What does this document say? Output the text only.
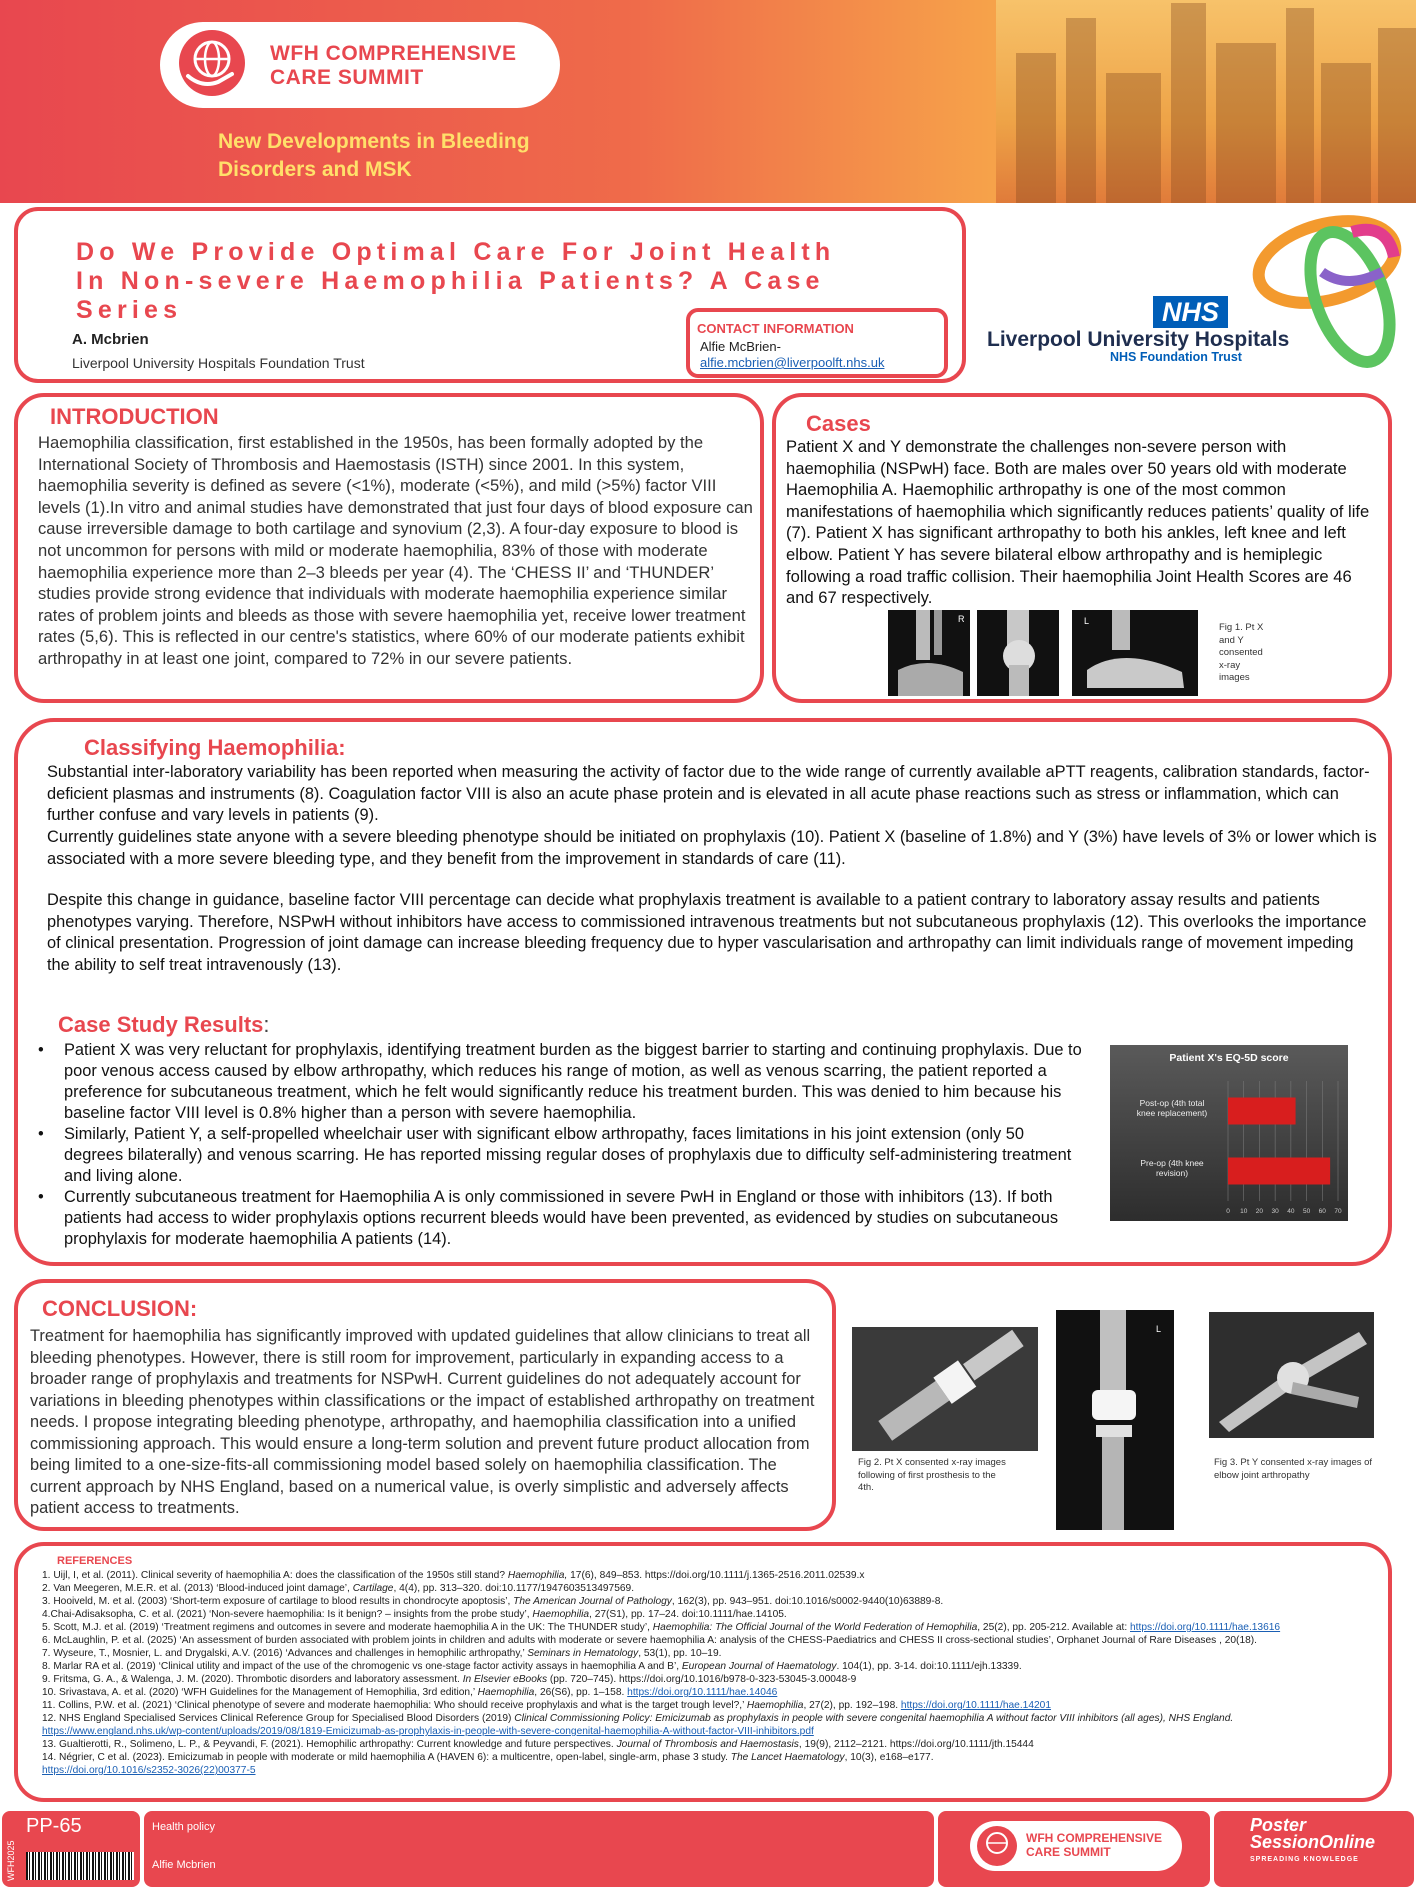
WFH COMPREHENSIVE
CARE SUMMIT
New Developments in Bleeding
Disorders and MSK
Do We Provide Optimal Care For Joint Health In Non-severe Haemophilia Patients? A Case Series
A. Mcbrien
Liverpool University Hospitals Foundation Trust
CONTACT INFORMATION
Alfie McBrien-
alfie.mcbrien@liverpoolft.nhs.uk
NHS
Liverpool University Hospitals
NHS Foundation Trust
INTRODUCTION
Haemophilia classification, first established in the 1950s, has been formally adopted by the International Society of Thrombosis and Haemostasis (ISTH) since 2001. In this system, haemophilia severity is defined as severe (<1%), moderate (<5%), and mild (>5%) factor VIII levels (1).In vitro and animal studies have demonstrated that just four days of blood exposure can cause irreversible damage to both cartilage and synovium (2,3). A four-day exposure to blood is not uncommon for persons with mild or moderate haemophilia, 83% of those with moderate haemophilia experience more than 2–3 bleeds per year (4). The ‘CHESS II’ and ‘THUNDER’ studies provide strong evidence that individuals with moderate haemophilia experience similar rates of problem joints and bleeds as those with severe haemophilia yet, receive lower treatment rates (5,6). This is reflected in our centre's statistics, where 60% of our moderate patients exhibit arthropathy in at least one joint, compared to 72% in our severe patients.
Cases
Patient X and Y demonstrate the challenges non-severe person with haemophilia (NSPwH) face. Both are males over 50 years old with moderate Haemophilia A. Haemophilic arthropathy is one of the most common manifestations of haemophilia which significantly reduces patients’ quality of life (7). Patient X has significant arthropathy to both his ankles, left knee and left elbow. Patient Y has severe bilateral elbow arthropathy and is hemiplegic following a road traffic collision. Their haemophilia Joint Health Scores are 46 and 67 respectively.
R	L
Fig 1. Pt X and Y consented x-ray images
Classifying Haemophilia:
Substantial inter-laboratory variability has been reported when measuring the activity of factor due to the wide range of currently available aPTT reagents, calibration standards, factor-deficient plasmas and instruments (8). Coagulation factor VIII is also an acute phase protein and is elevated in all acute phase reactions such as stress or inflammation, which can further confuse and vary levels in patients (9).
Currently guidelines state anyone with a severe bleeding phenotype should be initiated on prophylaxis (10). Patient X (baseline of 1.8%) and Y (3%) have levels of 3% or lower which is associated with a more severe bleeding type, and they benefit from the improvement in standards of care (11).
Despite this change in guidance, baseline factor VIII percentage can decide what prophylaxis treatment is available to a patient contrary to laboratory assay results and patients phenotypes varying. Therefore, NSPwH without inhibitors have access to commissioned intravenous treatments but not subcutaneous prophylaxis (12). This overlooks the importance of clinical presentation. Progression of joint damage can increase bleeding frequency due to hyper vascularisation and arthropathy can limit individuals range of movement impeding the ability to self treat intravenously (13).
Case Study Results:
• Patient X was very reluctant for prophylaxis, identifying treatment burden as the biggest barrier to starting and continuing prophylaxis. Due to poor venous access caused by elbow arthropathy, which reduces his range of motion, as well as venous scarring, the patient reported a preference for subcutaneous treatment, which he felt would significantly reduce his treatment burden. This was denied to him because his baseline factor VIII level is 0.8% higher than a person with severe haemophilia.
• Similarly, Patient Y, a self-propelled wheelchair user with significant elbow arthropathy, faces limitations in his joint extension (only 50 degrees bilaterally) and venous scarring. He has reported missing regular doses of prophylaxis due to difficulty self-administering treatment and living alone.
• Currently subcutaneous treatment for Haemophilia A is only commissioned in severe PwH in England or those with inhibitors (13). If both patients had access to wider prophylaxis options recurrent bleeds would have been prevented, as evidenced by studies on subcutaneous prophylaxis for moderate haemophilia A patients (14).
Patient X's EQ-5D score
0 10 20 30 40 50 60 70
Post-op (4th total knee replacement)
Pre-op (4th knee revision)
CONCLUSION:
Treatment for haemophilia has significantly improved with updated guidelines that allow clinicians to treat all bleeding phenotypes. However, there is still room for improvement, particularly in expanding access to a broader range of prophylaxis and treatments for NSPwH. Current guidelines do not adequately account for variations in bleeding phenotypes within classifications or the impact of established arthropathy on treatment needs. I propose integrating bleeding phenotype, arthropathy, and haemophilia classification into a unified commissioning approach. This would ensure a long-term solution and prevent future product allocation from being limited to a one-size-fits-all commissioning model based solely on haemophilia classification. The current approach by NHS England, based on a numerical value, is overly simplistic and adversely affects patient access to treatments.
Fig 2. Pt X consented x-ray images following of first prosthesis to the 4th.
L
Fig 3. Pt Y consented x-ray images of elbow joint arthropathy
REFERENCES
1. Uijl, I, et al. (2011). Clinical severity of haemophilia A: does the classification of the 1950s still stand? Haemophilia, 17(6), 849–853. https://doi.org/10.1111/j.1365-2516.2011.02539.x
2. Van Meegeren, M.E.R. et al. (2013) ‘Blood-induced joint damage’, Cartilage, 4(4), pp. 313–320. doi:10.1177/1947603513497569.
3. Hooiveld, M. et al. (2003) ‘Short-term exposure of cartilage to blood results in chondrocyte apoptosis’, The American Journal of Pathology, 162(3), pp. 943–951. doi:10.1016/s0002-9440(10)63889-8.
4.Chai-Adisaksopha, C. et al. (2021) ‘Non-severe haemophilia: Is it benign? – insights from the probe study’, Haemophilia, 27(S1), pp. 17–24. doi:10.1111/hae.14105.
5. Scott, M.J. et al. (2019) ‘Treatment regimens and outcomes in severe and moderate haemophilia A in the UK: The THUNDER study’, Haemophilia: The Official Journal of the World Federation of Hemophilia, 25(2), pp. 205-212. Available at: https://doi.org/10.1111/hae.13616
6. McLaughlin, P. et al. (2025) ‘An assessment of burden associated with problem joints in children and adults with moderate or severe haemophilia A: analysis of the CHESS-Paediatrics and CHESS II cross-sectional studies’, Orphanet Journal of Rare Diseases , 20(18).
7. Wyseure, T., Mosnier, L. and Drygalski, A.V. (2016) ‘Advances and challenges in hemophilic arthropathy,’ Seminars in Hematology, 53(1), pp. 10–19.
8. Marlar RA et al. (2019) ‘Clinical utility and impact of the use of the chromogenic vs one-stage factor activity assays in haemophilia A and B’, European Journal of Haematology. 104(1), pp. 3-14. doi:10.1111/ejh.13339.
9. Fritsma, G. A., & Walenga, J. M. (2020). Thrombotic disorders and laboratory assessment. In Elsevier eBooks (pp. 720–745). https://doi.org/10.1016/b978-0-323-53045-3.00048-9
10. Srivastava, A. et al. (2020) ‘WFH Guidelines for the Management of Hemophilia, 3rd edition,’ Haemophilia, 26(S6), pp. 1–158. https://doi.org/10.1111/hae.14046
11. Collins, P.W. et al. (2021) ‘Clinical phenotype of severe and moderate haemophilia: Who should receive prophylaxis and what is the target trough level?,’ Haemophilia, 27(2), pp. 192–198. https://doi.org/10.1111/hae.14201
12. NHS England Specialised Services Clinical Reference Group for Specialised Blood Disorders (2019) Clinical Commissioning Policy: Emicizumab as prophylaxis in people with severe congenital haemophilia A without factor VIII inhibitors (all ages), NHS England.
https://www.england.nhs.uk/wp-content/uploads/2019/08/1819-Emicizumab-as-prophylaxis-in-people-with-severe-congenital-haemophilia-A-without-factor-VIII-inhibitors.pdf
13. Gualtierotti, R., Solimeno, L. P., & Peyvandi, F. (2021). Hemophilic arthropathy: Current knowledge and future perspectives. Journal of Thrombosis and Haemostasis, 19(9), 2112–2121. https://doi.org/10.1111/jth.15444
14. Négrier, C et al. (2023). Emicizumab in people with moderate or mild haemophilia A (HAVEN 6): a multicentre, open-label, single-arm, phase 3 study. The Lancet Haematology, 10(3), e168–e177.
https://doi.org/10.1016/s2352-3026(22)00377-5
WFH2025
PP-65	Health policy
Alfie Mcbrien
WFH COMPREHENSIVE
CARE SUMMIT
Poster
SessionOnline
SPREADING KNOWLEDGE
